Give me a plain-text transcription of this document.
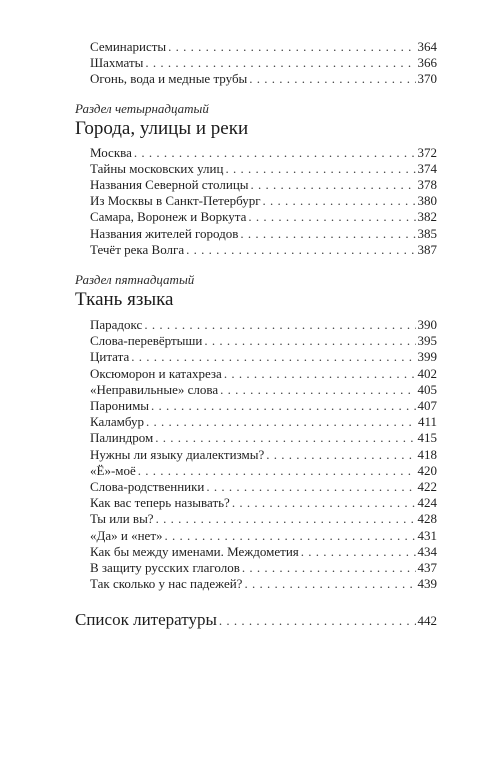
Семинаристы . . .	364
Шахматы . . .	366
Огонь, вода и медные трубы . . .	370
Раздел четырнадцатый
Города, улицы и реки
Москва . . .	372
Тайны московских улиц . . .	374
Названия Северной столицы . . .	378
Из Москвы в Санкт-Петербург . . .	380
Самара, Воронеж и Воркута . . .	382
Названия жителей городов . . .	385
Течёт река Волга . . .	387
Раздел пятнадцатый
Ткань языка
Парадокс . . .	390
Слова-перевёртыши . . .	395
Цитата . . .	399
Оксюморон и катахреза . . .	402
«Неправильные» слова . . .	405
Паронимы . . .	407
Каламбур . . .	411
Палиндром . . .	415
Нужны ли языку диалектизмы? . . .	418
«Ё»-моё . . .	420
Слова-родственники . . .	422
Как вас теперь называть? . . .	424
Ты или вы? . . .	428
«Да» и «нет» . . .	431
Как бы между именами. Междометия . . .	434
В защиту русских глаголов . . .	437
Так сколько у нас падежей? . . .	439
Список литературы . . .	442
